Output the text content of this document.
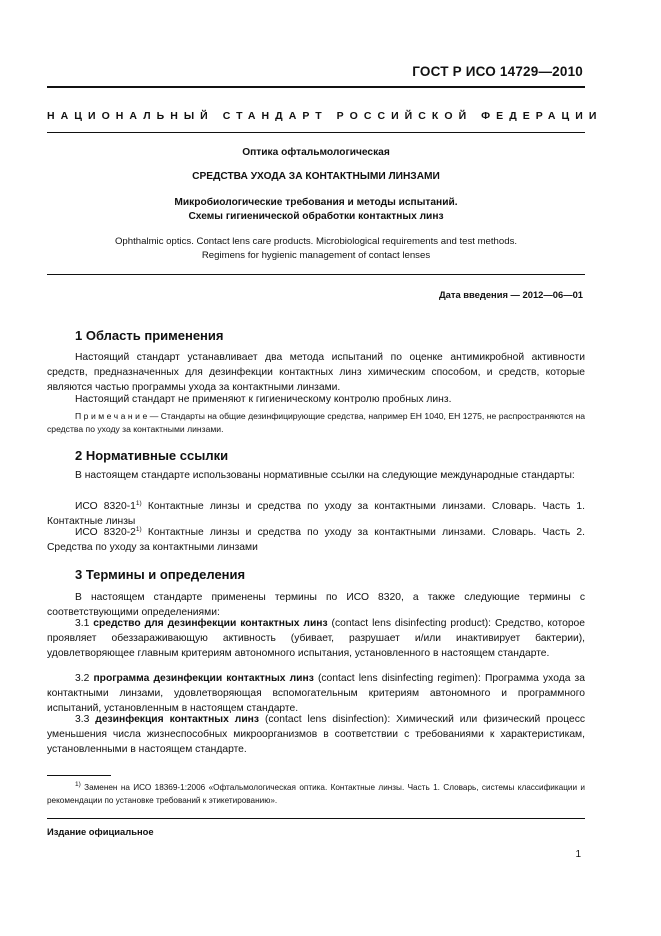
ГОСТ Р ИСО 14729—2010
НАЦИОНАЛЬНЫЙ СТАНДАРТ РОССИЙСКОЙ ФЕДЕРАЦИИ
Оптика офтальмологическая
СРЕДСТВА УХОДА ЗА КОНТАКТНЫМИ ЛИНЗАМИ
Микробиологические требования и методы испытаний.
Схемы гигиенической обработки контактных линз
Ophthalmic optics. Contact lens care products. Microbiological requirements and test methods.
Regimens for hygienic management of contact lenses
Дата введения — 2012—06—01
1 Область применения
Настоящий стандарт устанавливает два метода испытаний по оценке антимикробной активности средств, предназначенных для дезинфекции контактных линз химическим способом, и средств, которые являются частью программы ухода за контактными линзами.
Настоящий стандарт не применяют к гигиеническому контролю пробных линз.
Примечание— Стандарты на общие дезинфицирующие средства, например ЕН 1040, ЕН 1275, не распространяются на средства по уходу за контактными линзами.
2 Нормативные ссылки
В настоящем стандарте использованы нормативные ссылки на следующие международные стандарты:
ИСО 8320-1$^{1)}$ Контактные линзы и средства по уходу за контактными линзами. Словарь. Часть 1. Контактные линзы
ИСО 8320-2$^{1)}$ Контактные линзы и средства по уходу за контактными линзами. Словарь. Часть 2. Средства по уходу за контактными линзами
3 Термины и определения
В настоящем стандарте применены термины по ИСО 8320, а также следующие термины с соответствующими определениями:
3.1 средство для дезинфекции контактных линз (contact lens disinfecting product): Средство, которое проявляет обеззараживающую активность (убивает, разрушает и/или инактивирует бактерии), удовлетворяющее главным критериям автономного испытания, установленного в настоящем стандарте.
3.2 программа дезинфекции контактных линз (contact lens disinfecting regimen): Программа ухода за контактными линзами, удовлетворяющая вспомогательным критериям автономного и программного испытаний, установленным в настоящем стандарте.
3.3 дезинфекция контактных линз (contact lens disinfection): Химический или физический процесс уменьшения числа жизнеспособных микроорганизмов в соответствии с требованиями к характеристикам, установленными в настоящем стандарте.
$^{1)}$ Заменен на ИСО 18369-1:2006 «Офтальмологическая оптика. Контактные линзы. Часть 1. Словарь, системы классификации и рекомендации по установке требований к этикетированию».
Издание официальное
1
